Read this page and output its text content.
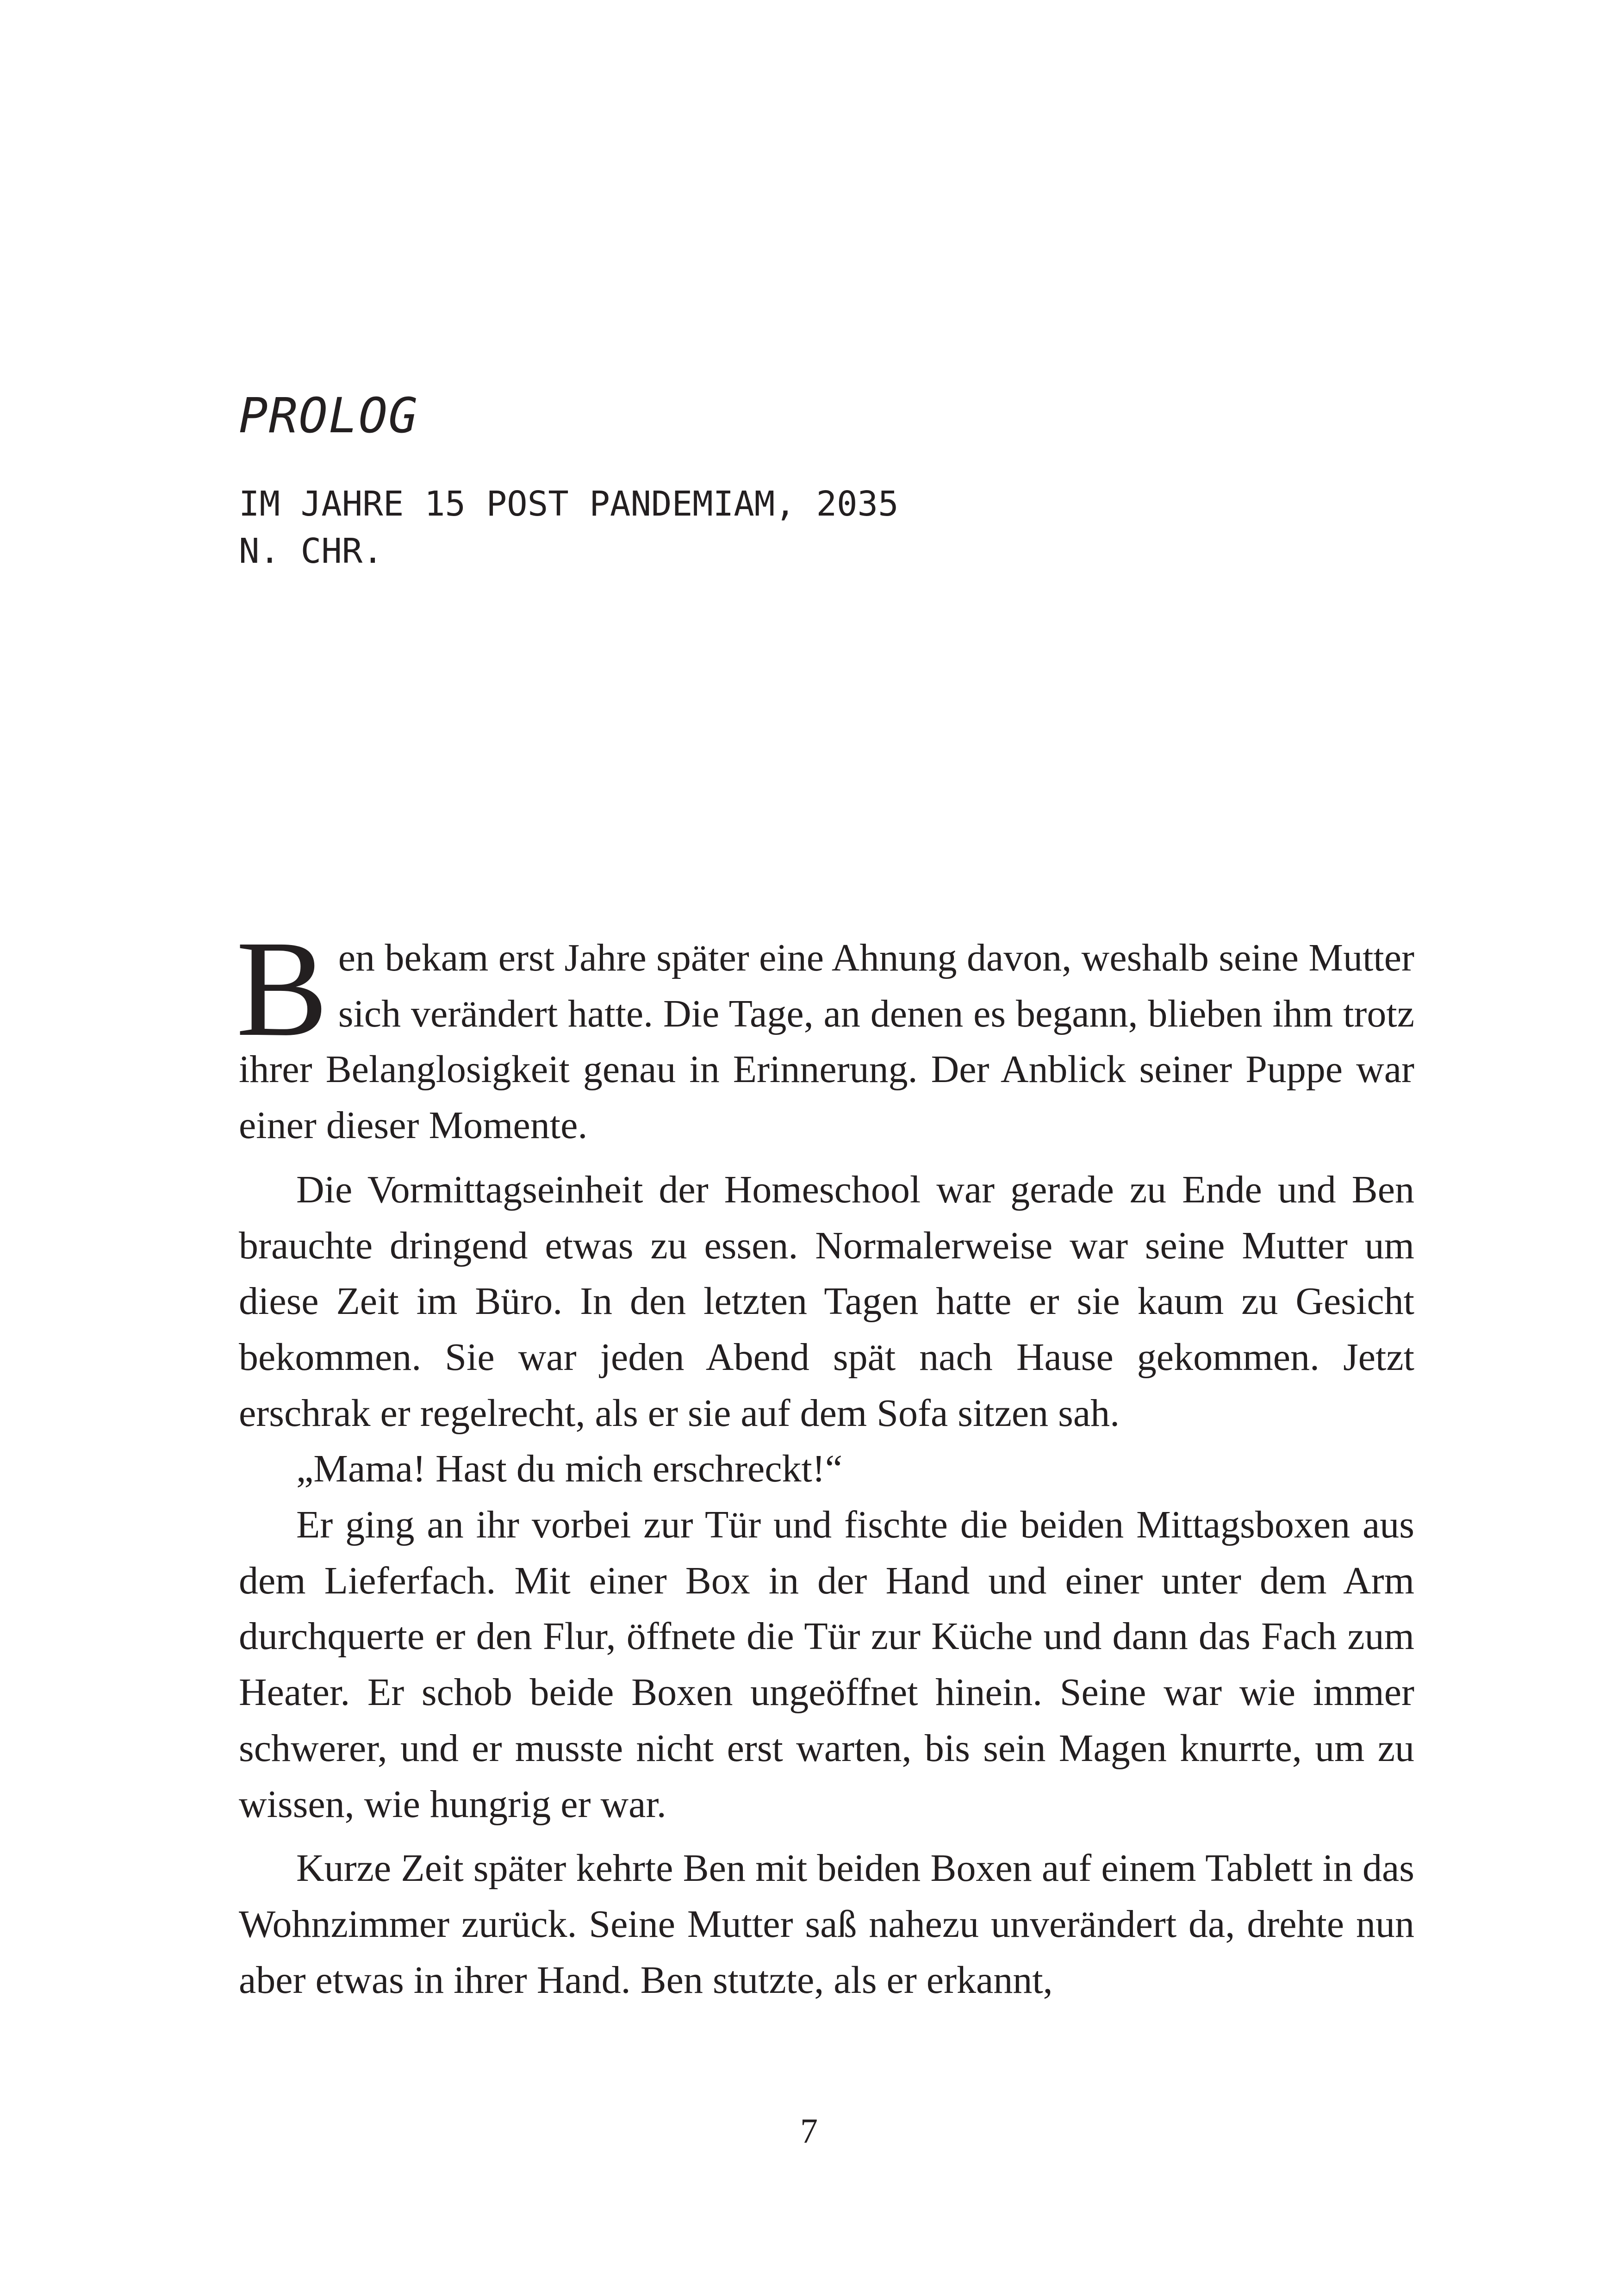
PROLOG
IM JAHRE 15 POST PANDEMIAM, 2035
N. CHR.

Ben bekam erst Jahre später eine Ahnung davon, weshalb seine Mutter sich verändert hatte. Die Tage, an denen es begann, blieben ihm trotz ihrer Belanglosigkeit genau in Erinnerung. Der Anblick seiner Puppe war einer dieser Momente.

Die Vormittagseinheit der Homeschool war gerade zu Ende und Ben brauchte dringend etwas zu essen. Normalerweise war seine Mutter um diese Zeit im Büro. In den letzten Tagen hatte er sie kaum zu Gesicht bekommen. Sie war jeden Abend spät nach Hause gekommen. Jetzt erschrak er regelrecht, als er sie auf dem Sofa sitzen sah.

„Mama! Hast du mich erschreckt!“

Er ging an ihr vorbei zur Tür und fischte die beiden Mittagsboxen aus dem Lieferfach. Mit einer Box in der Hand und einer unter dem Arm durchquerte er den Flur, öffnete die Tür zur Küche und dann das Fach zum Heater. Er schob beide Boxen ungeöffnet hinein. Seine war wie immer schwerer, und er musste nicht erst warten, bis sein Magen knurrte, um zu wissen, wie hungrig er war.

Kurze Zeit später kehrte Ben mit beiden Boxen auf einem Tablett in das Wohnzimmer zurück. Seine Mutter saß nahezu unverändert da, drehte nun aber etwas in ihrer Hand. Ben stutzte, als er erkannt,

7
